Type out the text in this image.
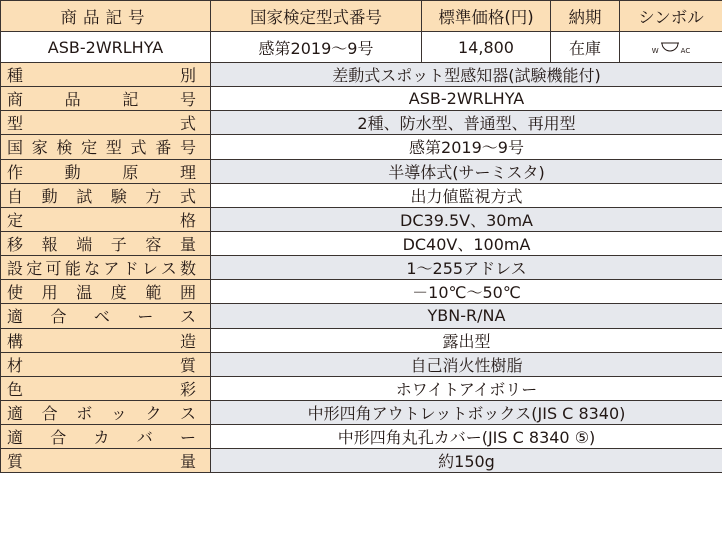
商品記号	国家検定型式番号	標準価格(円)	納期	シンボル
ASB-2WRLHYA	感第2019～9号	14,800	在庫	W AC

種別	差動式スポット型感知器(試験機能付)			
商品記号	ASB-2WRLHYA			
型式	2種、防水型、普通型、再用型			
国家検定型式番号	感第2019～9号			
作動原理	半導体式(サーミスタ)			
自動試験方式	出力値監視方式			
定格	DC39.5V、30mA			
移報端子容量	DC40V、100mA			
設定可能なアドレス数	1～255アドレス			
使用温度範囲	－10℃～50℃			
適合ベース	YBN-R/NA			
構造	露出型			
材質	自己消火性樹脂			
色彩	ホワイトアイボリー			
適合ボックス	中形四角アウトレットボックス(JIS C 8340)			
適合カバー	中形四角丸孔カバー(JIS C 8340 ⑤)			
質量	約150g			
